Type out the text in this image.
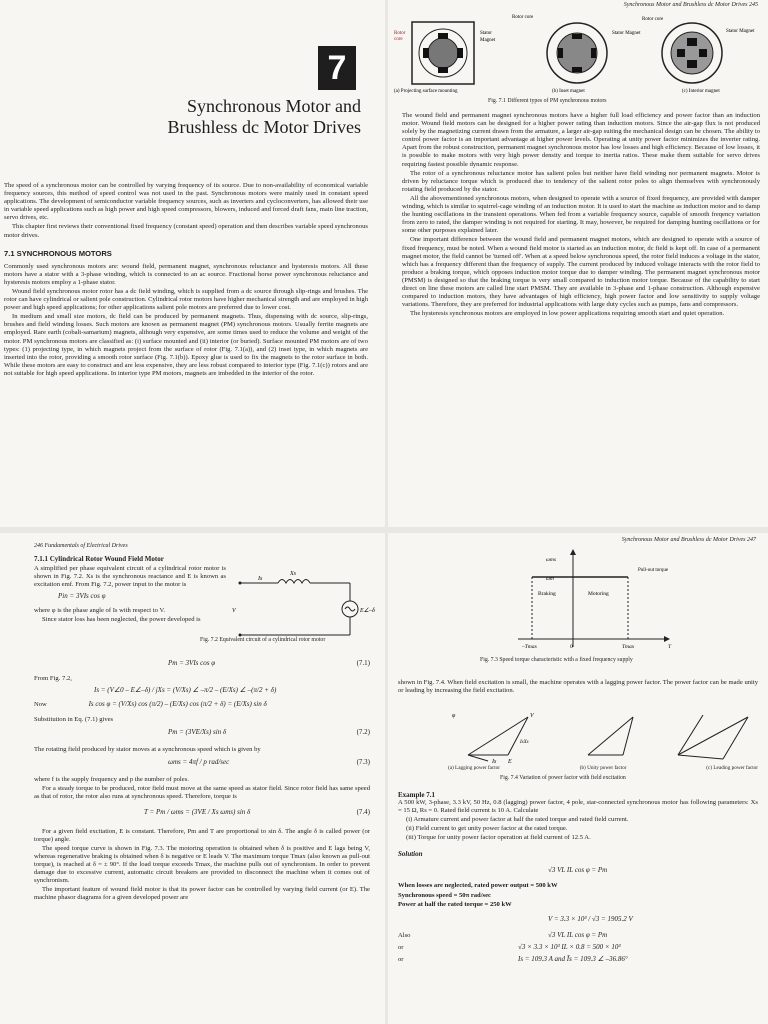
7
Synchronous Motor and
Brushless dc Motor Drives

The speed of a synchronous motor can be controlled by varying frequency of its source. Due to non-availability of economical variable frequency sources, this method of speed control was not used in the past. Synchronous motors were mainly used in constant speed applications. The development of semiconductor variable frequency sources, such as inverters and cycloconverters, has allowed their use in variable speed applications such as high power and high speed compressors, blowers, induced and forced draft fans, main line traction, servo drives, etc.

This chapter first reviews their conventional fixed frequency (constant speed) operation and then describes variable speed synchronous motor drives.

7.1 SYNCHRONOUS MOTORS

Commonly used synchronous motors are: wound field, permanent magnet, synchronous reluctance and hysteresis motors. All these motors have a stator with a 3-phase winding, which is connected to an ac source. Fractional horse power synchronous reluctance and hysteresis motors employ a 1-phase stator.

Wound field synchronous motor rotor has a dc field winding, which is supplied from a dc source through slip-rings and brushes. The rotor can have cylindrical or salient pole construction. Cylindrical rotor motors have higher mechanical strength and are employed in high power and high speed applications; for other applications salient pole motors are preferred due to lower cost.

In medium and small size motors, dc field can be produced by permanent magnets. Thus, dispensing with dc source, slip-rings, brushes and field winding losses. Such motors are known as permanent magnet (PM) synchronous motors. Usually ferrite magnets are employed. Rare earth (cobalt-samarium) magnets, although very expensive, are some times used to reduce the volume and weight of the motor. PM synchronous motors are classified as: (i) surface mounted and (ii) interior (or buried). Surface mounted PM motors are of two types: (1) projecting type, in which magnets project from the surface of rotor (Fig. 7.1(a)), and (2) inset type, in which magnets are inserted into the rotor, providing a smooth rotor surface (Fig. 7.1(b)). Epoxy glue is used to fix the magnets to the rotor surface in both. While these motors are easy to construct and are less expensive, they are less robust compared to interior type (Fig. 7.1(c)) rotors and are not suitable for high speed applications. In interior type PM motors, magnets are imbedded in the interior of the rotor.

Synchronous Motor and Brushless dc Motor Drives 245
Rotor
core
Stator
Magnet
Rotor core
Stator Magnet
Rotor core
Stator Magnet
(a) Projecting surface mounting	(b) Inset magnet	(c) Interior magnet
Fig. 7.1 Different types of PM synchronous motors

The wound field and permanent magnet synchronous motors have a higher full load efficiency and power factor than an induction motor. Wound field motors can be designed for a higher power rating than induction motors. Since the air-gap flux is not produced solely by the magnetizing current drawn from the armature, a larger air-gap suiting the mechanical design can be chosen. The ability to control power factor is an important advantage at higher power levels. Operating at unity power factor minimizes the inverter rating. Apart from the robust construction, permanent magnet synchronous motor has low losses and high efficiency. Because of low losses, it is possible to make motors with very high power density and torque to inertia ratios. These make them suitable for servo drives requiring fastest possible dynamic response.

The rotor of a synchronous reluctance motor has salient poles but neither have field winding nor permanent magnets. Motor is driven by reluctance torque which is produced due to tendency of the salient rotor poles to align themselves with synchronously rotating field produced by the stator.

All the abovementioned synchronous motors, when designed to operate with a source of fixed frequency, are provided with damper winding, which is similar to squirrel-cage winding of an induction motor. It is used to start the machine as induction motor and to damp the hunting oscillations in the transient operations. When fed from a variable frequency source, capable of smooth freqency variation from zero to rated, the damper winding is not required for starting. It may, however, be required for damping hunting oscillations or for some other purposes explained later.

One important difference between the wound field and permanent magnet motors, which are designed to operate with a source of fixed frequency, must be noted. When a wound field motor is started as an induction motor, dc field is kept off. In case of a permanent magnet motor, the field cannot be 'turned off'. When at a speed below synchronous speed, the rotor field induces a voltage in the stator, which has a frequency different than the frequency of supply. The current produced by induced voltage interacts with the rotor field to produce a braking torque, which opposes induction motor torque due to damper winding. The permanent magnet synchronous motor (PMSM) is designed so that the braking torque is very small compared to induction motor torque. Because of the capability to start direct on line these motors are called line start PMSM. They are available in 3-phase and 1-phase construction. Although expensive compared to induction motors, they have advantages of high efficiency, high power factor and low sensitivity to supply voltage variations. Therefore, they are preferred for industrial applications with large duty cycles such as pumps, fans and compressors.

The hysteresis synchronous motors are employed in low power applications requiring smooth start and quiet operation.

246 Fundamentals of Electrical Drives
7.1.1 Cylindrical Rotor Wound Field Motor

A simplified per phase equivalent circuit of a cylindrical rotor motor is shown in Fig. 7.2. Xs is the synchronous reactance and E is known as excitation emf. From Fig. 7.2, power input to the motor is

Pin = 3VIs cos φ

where φ is the phase angle of Is with respect to V.

Since stator loss has been neglected, the power developed is

Is
Xs
V	E∠–δ
Fig. 7.2 Equivalent circuit of a cylindrical rotor motor
Pm = 3VIs cos φ	(7.1)

From Fig. 7.2,

Is = (V∠0 – E∠–δ) / jXs = (V/Xs) ∠ –π/2 – (E/Xs) ∠ –(π/2 + δ)
Now	Is cos φ = (V/Xs) cos (π/2) – (E/Xs) cos (π/2 + δ) = (E/Xs) sin δ

Substitution in Eq. (7.1) gives

Pm = (3VE/Xs) sin δ	(7.2)

The rotating field produced by stator moves at a synchronous speed which is given by

ωms = 4πf / p rad/sec	(7.3)

where f is the supply frequency and p the number of poles.

For a steady torque to be produced, rotor field must move at the same speed as stator field. Since rotor field has same speed as that of rotor, the rotor also runs at synchronous speed. Therefore, torque is

T = Pm / ωms = (3VE / Xs ωms) sin δ	(7.4)

For a given field excitation, E is constant. Therefore, Pm and T are proportional to sin δ. The angle δ is called power (or torque) angle.

The speed torque curve is shown in Fig. 7.3. The motoring operation is obtained when δ is positive and E lags being V, whereas regenerative braking is obtained when δ is negative or E leads V. The maximum torque Tmax (also known as pull-out torque), is reached at δ = ± 90°. If the load torque exceeds Tmax, the machine pulls out of synchronism. In order to prevent damage due to excessive current, automatic circuit breakers are provided to disconnect the machine when it comes out of synchronism.

The important feature of wound field motor is that its power factor can be controlled by varying field current (or E). The machine phasor diagrams for a given developed power are

Synchronous Motor and Brushless dc Motor Drives 247
ωms
ωm
Pull-out torque
Braking	Motoring
–Tmax	0	Tmax	T
Fig. 7.3 Speed torque characteristic with a fixed frequency supply

shown in Fig. 7.4. When field excitation is small, the machine operates with a lagging power factor. The power factor can be made unity or leading by increasing the field excitation.

φ	V
IsXs
Is E
(a) Lagging power factor	(b) Unity power factor	(c) Leading power factor
Fig. 7.4 Variation of power factor with field excitation
Example 7.1

A 500 kW, 3-phase, 3.3 kV, 50 Hz, 0.8 (lagging) power factor, 4 pole, star-connected synchronous motor has following parameters: Xs = 15 Ω, Rs = 0. Rated field current is 10 A. Calculate

(i) Armature current and power factor at half the rated torque and rated field current.

(ii) Field current to get unity power factor at the rated torque.

(iii) Torque for unity power factor operation at field current of 12.5 A.

Solution
√3 VL IL cos φ = Pm

When losses are neglected, rated power output = 500 kW

Synchronous speed = 50π rad/sec

Power at half the rated torque = 250 kW

V = 3.3 × 10³ / √3 = 1905.2 V
Also	√3 VL IL cos φ = Pm
or	√3 × 3.3 × 10³ IL × 0.8 = 500 × 10³
or	Is = 109.3 A and Īs = 109.3 ∠ –36.86°
